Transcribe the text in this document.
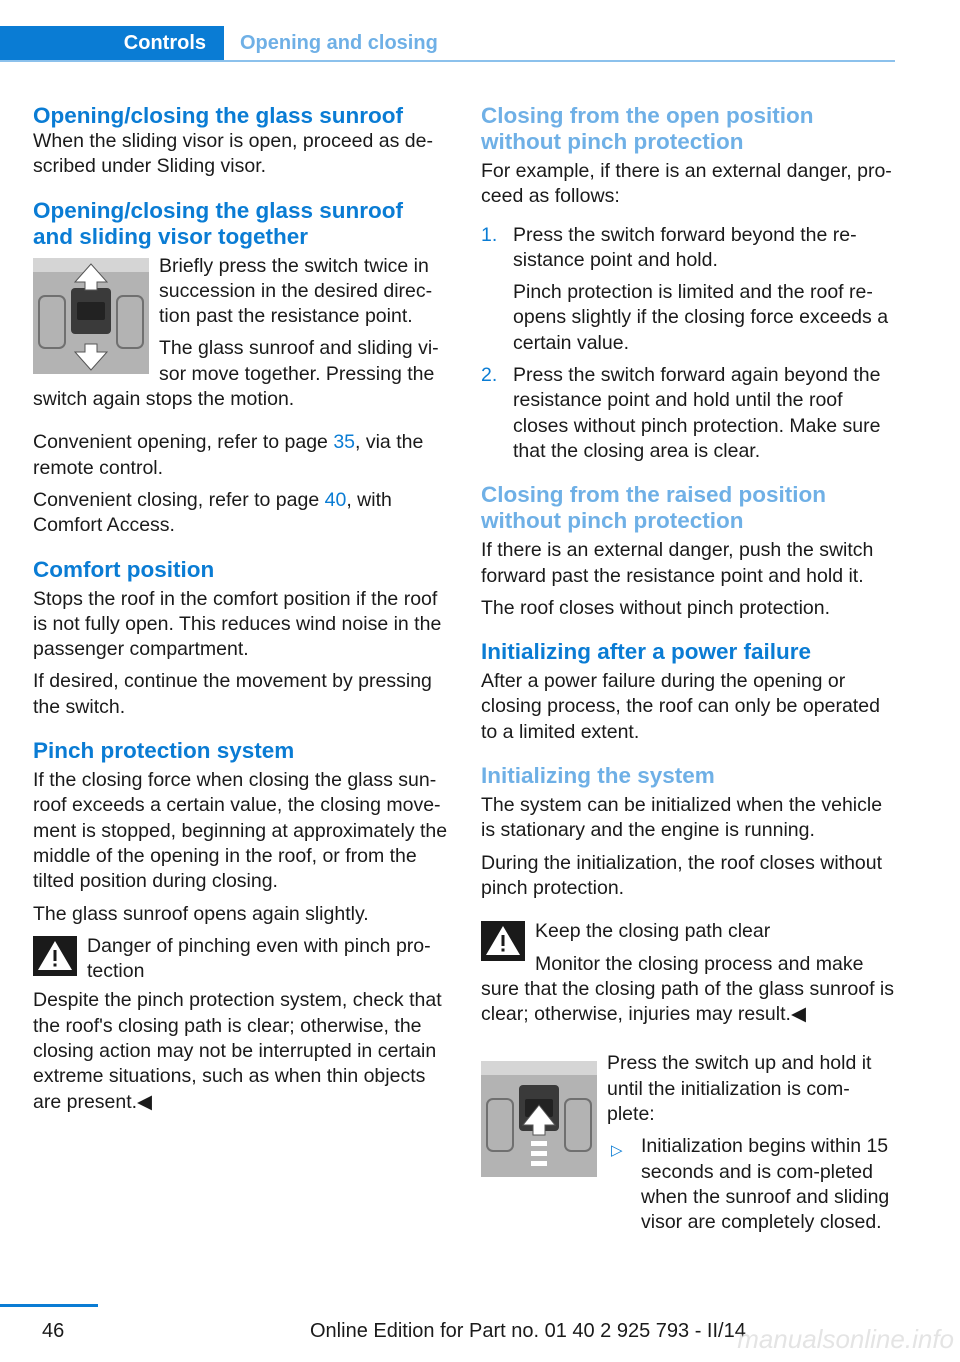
Controls	Opening and closing
Opening/closing the glass sunroof

When the sliding visor is open, proceed as de-scribed under Sliding visor.

Opening/closing the glass sunroof and sliding visor together

Briefly press the switch twice in succession in the desired direc-tion past the resistance point.

The glass sunroof and sliding vi-sor move together. Pressing the switch again stops the motion.

Convenient opening, refer to page 35, via the remote control.

Convenient closing, refer to page 40, with Comfort Access.

Comfort position

Stops the roof in the comfort position if the roof is not fully open. This reduces wind noise in the passenger compartment.

If desired, continue the movement by pressing the switch.

Pinch protection system

If the closing force when closing the glass sun-roof exceeds a certain value, the closing move-ment is stopped, beginning at approximately the middle of the opening in the roof, or from the tilted position during closing.

The glass sunroof opens again slightly.

Danger of pinching even with pinch pro-tection

Despite the pinch protection system, check that the roof's closing path is clear; otherwise, the closing action may not be interrupted in certain extreme situations, such as when thin objects are present.◀

Closing from the open position without pinch protection

For example, if there is an external danger, pro-ceed as follows:

1. Press the switch forward beyond the re-sistance point and hold.
Pinch protection is limited and the roof re-opens slightly if the closing force exceeds a certain value.
2. Press the switch forward again beyond the resistance point and hold until the roof closes without pinch protection. Make sure that the closing area is clear.
Closing from the raised position without pinch protection

If there is an external danger, push the switch forward past the resistance point and hold it.

The roof closes without pinch protection.

Initializing after a power failure

After a power failure during the opening or closing process, the roof can only be operated to a limited extent.

Initializing the system

The system can be initialized when the vehicle is stationary and the engine is running.

During the initialization, the roof closes without pinch protection.

Keep the closing path clear

Monitor the closing process and make sure that the closing path of the glass sunroof is clear; otherwise, injuries may result.◀

Press the switch up and hold it until the initialization is com-plete:

▷ Initialization begins within 15 seconds and is com-pleted when the sunroof and sliding visor are completely closed.
46	Online Edition for Part no. 01 40 2 925 793 - II/14
manualsonline.info
